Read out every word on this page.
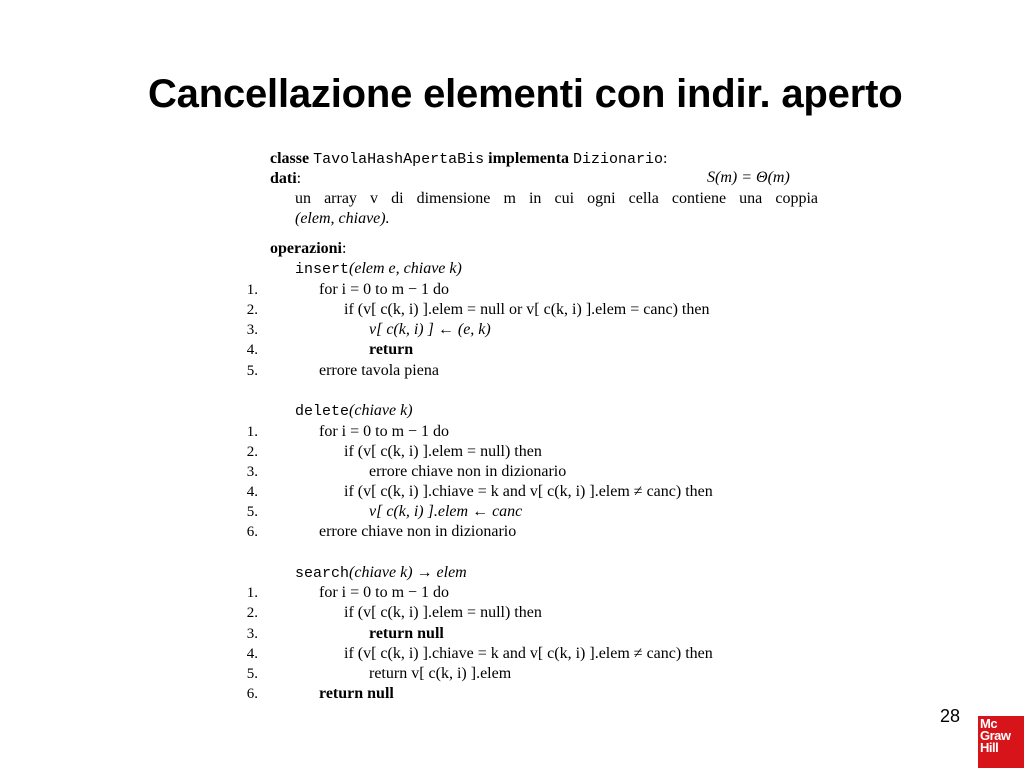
Cancellazione elementi con indir. aperto
classe TavolaHashApertaBis implementa Dizionario:
dati:	S(m) = Θ(m)
un array v di dimensione m in cui ogni cella contiene una coppia
(elem, chiave).
operazioni:
insert(elem e, chiave k)
1.	for i = 0 to m − 1 do
2.	if (v[ c(k, i) ].elem = null or v[ c(k, i) ].elem = canc) then
3.	v[ c(k, i) ] ← (e, k)
4.	return
5.	errore tavola piena
delete(chiave k)
1.	for i = 0 to m − 1 do
2.	if (v[ c(k, i) ].elem = null) then
3.	errore chiave non in dizionario
4.	if (v[ c(k, i) ].chiave = k and v[ c(k, i) ].elem ≠ canc) then
5.	v[ c(k, i) ].elem ← canc
6.	errore chiave non in dizionario
search(chiave k) → elem
1.	for i = 0 to m − 1 do
2.	if (v[ c(k, i) ].elem = null) then
3.	return null
4.	if (v[ c(k, i) ].chiave = k and v[ c(k, i) ].elem ≠ canc) then
5.	return v[ c(k, i) ].elem
6.	return null
28 Mc
Graw
Hill
